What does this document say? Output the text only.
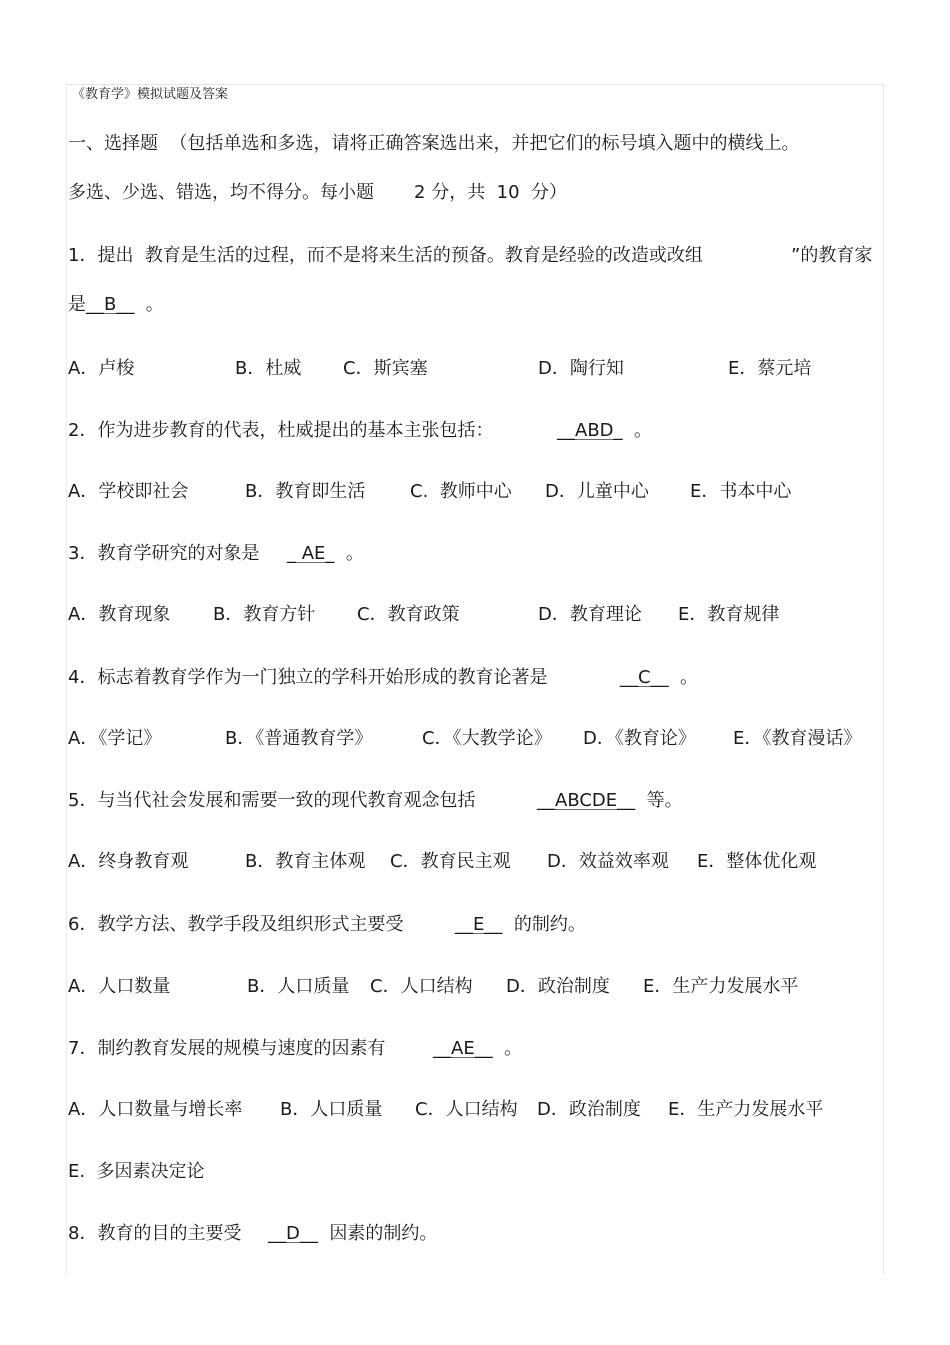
《教育学》模拟试题及答案
一、选择题  （包括单选和多选，请将正确答案选出来，并把它们的标号填入题中的横线上。
多选、少选、错选，均不得分。每小题       2 分，共  10  分）
1．提出  教育是生活的过程，而不是将来生活的预备。教育是经验的改造或改组	”的教育家
是__B__  。
A．卢梭	B．杜威 C．斯宾塞	D．陶行知	E．蔡元培
2．作为进步教育的代表，杜威提出的基本主张包括：	__ABD_  。
A．学校即社会	B．教育即生活 C.  教师中心 D．儿童中心 E．书本中心
3．教育学研究的对象是 _ AE_  。
A．教育现象 B．教育方针 C．教育政策	D．教育理论 E．教育规律
4．标志着教育学作为一门独立的学科开始形成的教育论著是	__C__  。
A．《学记》	B．《普通教育学》	C．《大教学论》 D．《教育论》 E．《教育漫话》
5．与当代社会发展和需要一致的现代教育观念包括	__ABCDE__  等。
A．终身教育观	B．教育主体观 C．教育民主观 D．效益效率观 E．整体优化观
6．教学方法、教学手段及组织形式主要受	__E__  的制约。
A．人口数量	B．人口质量 C．人口结构 D．政治制度 E．生产力发展水平
7．制约教育发展的规模与速度的因素有	__AE__  。
A．人口数量与增长率 B．人口质量 C．人口结构 D．政治制度 E．生产力发展水平
E.  多因素决定论
8．教育的目的主要受 __D__  因素的制约。
